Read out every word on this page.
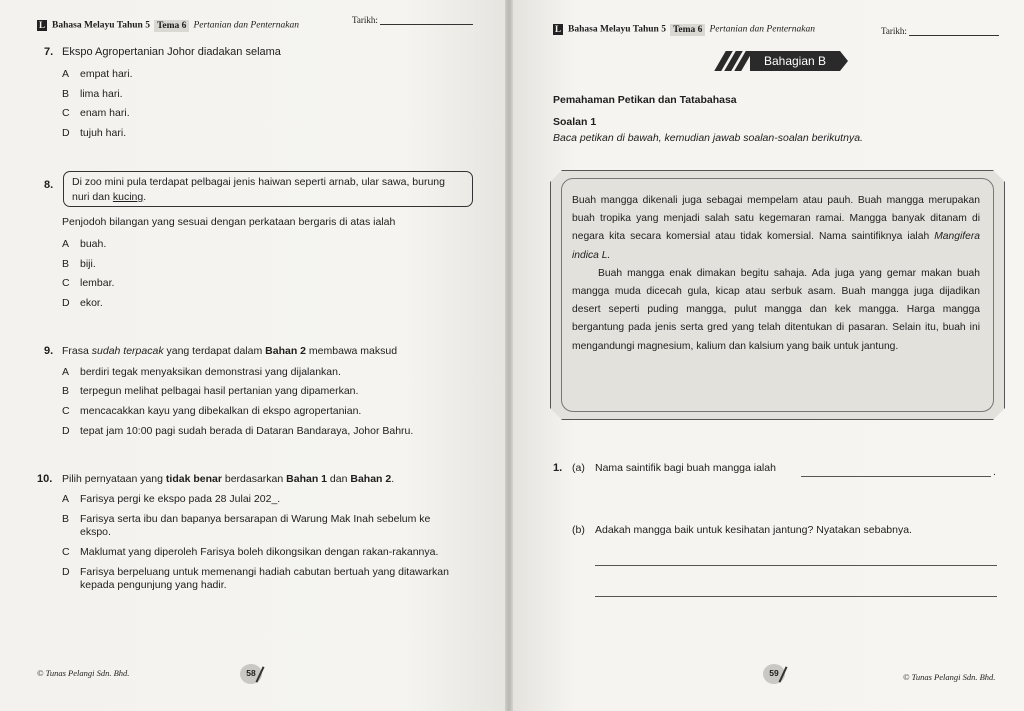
L Bahasa Melayu Tahun 5 Tema 6 Pertanian dan Penternakan
Tarikh:
7. Ekspo Agropertanian Johor diadakan selama
A empat hari.
B lima hari.
C enam hari.
D tujuh hari.
8. Di zoo mini pula terdapat pelbagai jenis haiwan seperti arnab, ular sawa, burung
nuri dan kucing.
Penjodoh bilangan yang sesuai dengan perkataan bergaris di atas ialah
A buah.
B biji.
C lembar.
D ekor.
9. Frasa sudah terpacak yang terdapat dalam Bahan 2 membawa maksud
A berdiri tegak menyaksikan demonstrasi yang dijalankan.
B terpegun melihat pelbagai hasil pertanian yang dipamerkan.
C mencacakkan kayu yang dibekalkan di ekspo agropertanian.
D tepat jam 10:00 pagi sudah berada di Dataran Bandaraya, Johor Bahru.
10. Pilih pernyataan yang tidak benar berdasarkan Bahan 1 dan Bahan 2.
A Farisya pergi ke ekspo pada 28 Julai 202_.
B Farisya serta ibu dan bapanya bersarapan di Warung Mak Inah sebelum ke
ekspo.
C Maklumat yang diperoleh Farisya boleh dikongsikan dengan rakan-rakannya.
D Farisya berpeluang untuk memenangi hadiah cabutan bertuah yang ditawarkan
kepada pengunjung yang hadir.
© Tunas Pelangi Sdn. Bhd.	58
L Bahasa Melayu Tahun 5 Tema 6 Pertanian dan Penternakan	Tarikh:
Bahagian B
Pemahaman Petikan dan Tatabahasa
Soalan 1
Baca petikan di bawah, kemudian jawab soalan-soalan berikutnya.

Buah mangga dikenali juga sebagai mempelam atau pauh. Buah mangga merupakan buah tropika yang menjadi salah satu kegemaran ramai. Mangga banyak ditanam di negara kita secara komersial atau tidak komersial. Nama saintifiknya ialah Mangifera indica L.

Buah mangga enak dimakan begitu sahaja. Ada juga yang gemar makan buah mangga muda dicecah gula, kicap atau serbuk asam. Buah mangga juga dijadikan desert seperti puding mangga, pulut mangga dan kek mangga. Harga mangga bergantung pada jenis serta gred yang telah ditentukan di pasaran. Selain itu, buah ini mengandungi magnesium, kalium dan kalsium yang baik untuk jantung.

1. (a) Nama saintifik bagi buah mangga ialah	.
(b) Adakah mangga baik untuk kesihatan jantung? Nyatakan sebabnya.
59	© Tunas Pelangi Sdn. Bhd.
